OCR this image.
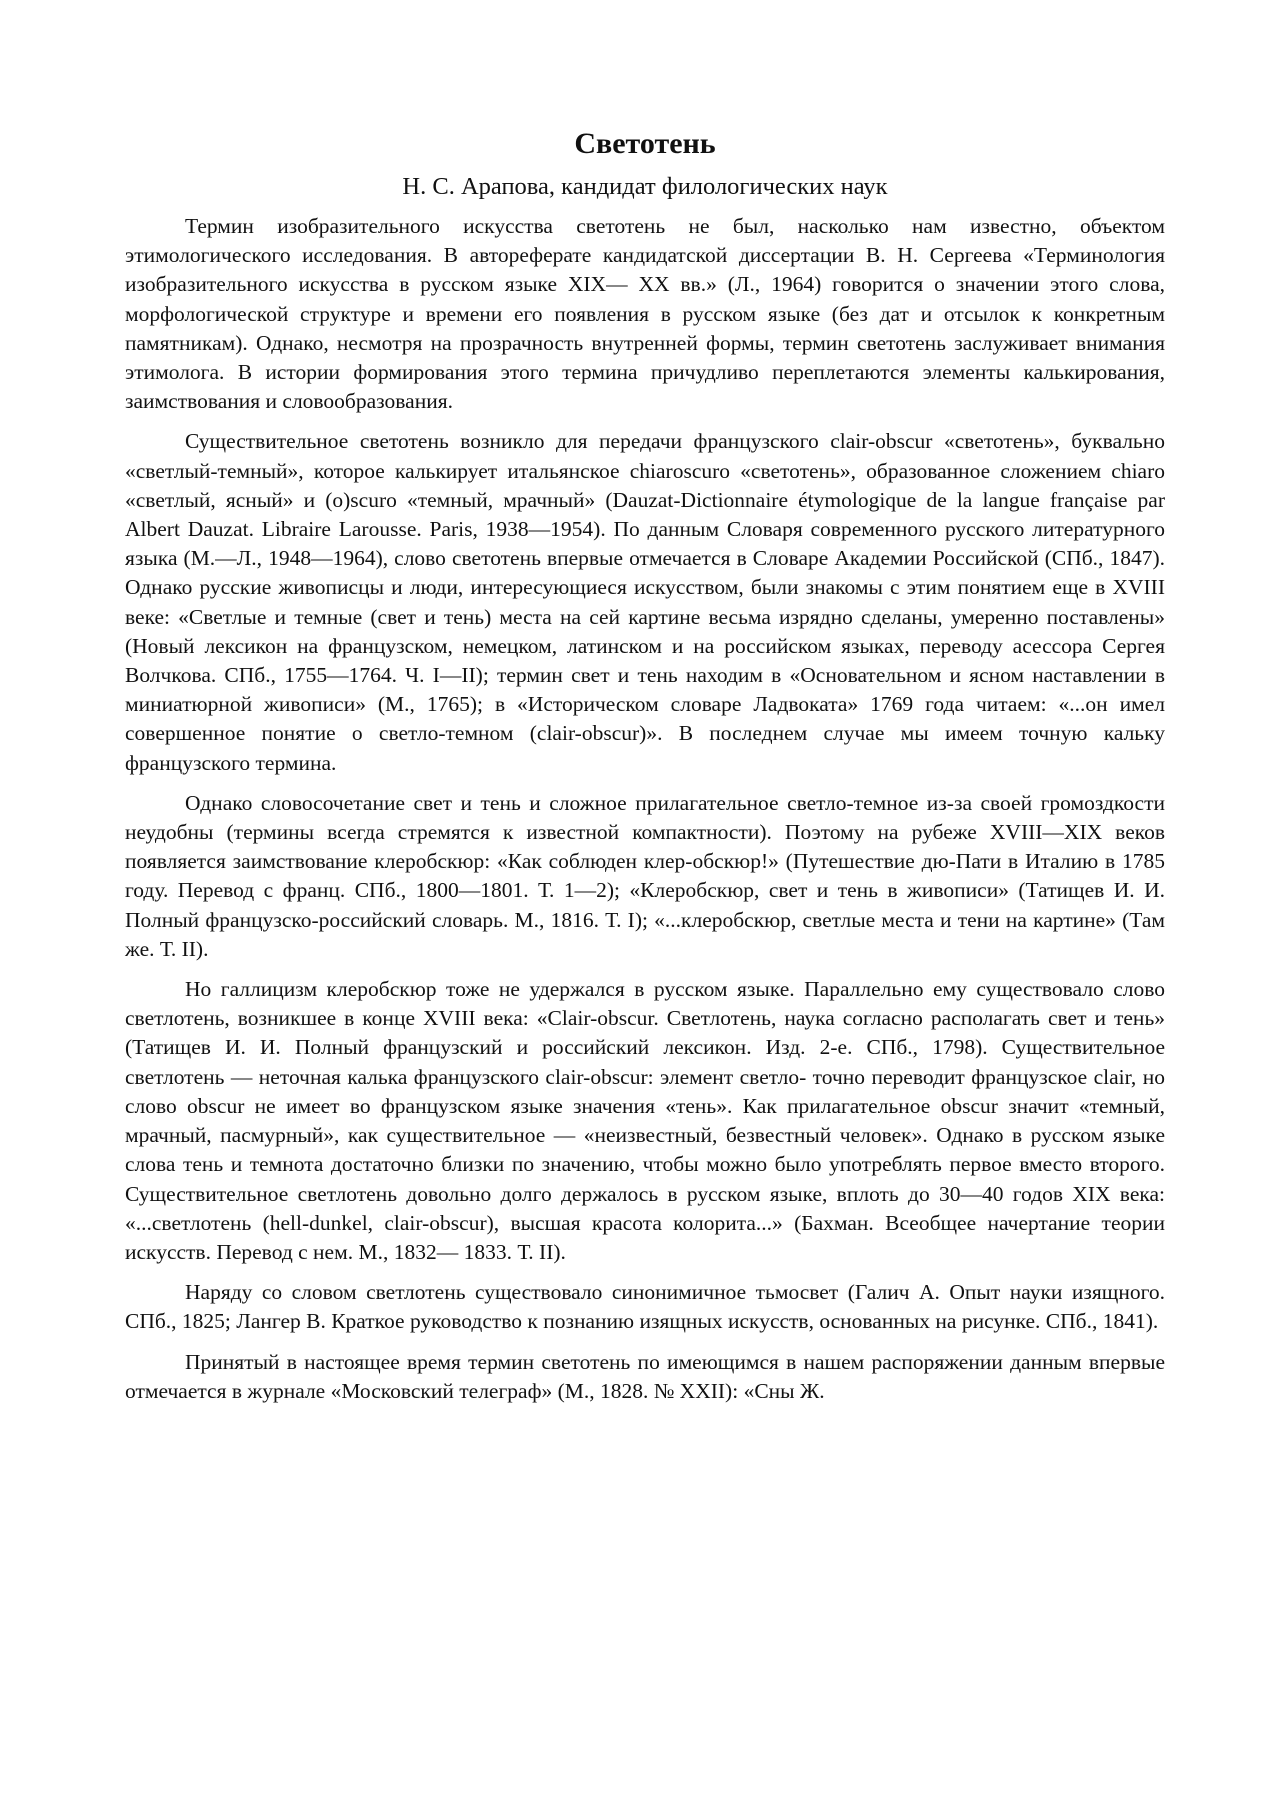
Светотень
Н. С. Арапова, кандидат филологических наук

Термин изобразительного искусства светотень не был, насколько нам известно, объектом этимологического исследования. В автореферате кандидатской диссертации В. Н. Сергеева «Терминология изобразительного искусства в русском языке XIX— XX вв.» (Л., 1964) говорится о значении этого слова, морфологической структуре и времени его появления в русском языке (без дат и отсылок к конкретным памятникам). Однако, несмотря на прозрачность внутренней формы, термин светотень заслуживает внимания этимолога. В истории формирования этого термина причудливо переплетаются элементы калькирования, заимствования и словообразования.

Существительное светотень возникло для передачи французского clair-obscur «светотень», буквально «светлый-темный», которое калькирует итальянское chiaroscuro «светотень», образованное сложением chiaro «светлый, ясный» и (o)scuro «темный, мрачный» (Dauzat-Dictionnaire étymologique de la langue française par Albert Dauzat. Libraire Larousse. Paris, 1938—1954). По данным Словаря современного русского литературного языка (М.—Л., 1948—1964), слово светотень впервые отмечается в Словаре Академии Российской (СПб., 1847). Однако русские живописцы и люди, интересующиеся искусством, были знакомы с этим понятием еще в XVIII веке: «Светлые и темные (свет и тень) места на сей картине весьма изрядно сделаны, умеренно поставлены» (Новый лексикон на французском, немецком, латинском и на российском языках, переводу асессора Сергея Волчкова. СПб., 1755—1764. Ч. I—II); термин свет и тень находим в «Основательном и ясном наставлении в миниатюрной живописи» (М., 1765); в «Историческом словаре Ладвоката» 1769 года читаем: «...он имел совершенное понятие о светло-темном (clair-obscur)». В последнем случае мы имеем точную кальку французского термина.

Однако словосочетание свет и тень и сложное прилагательное светло-темное из-за своей громоздкости неудобны (термины всегда стремятся к известной компактности). Поэтому на рубеже XVIII—XIX веков появляется заимствование клеробскюр: «Как соблюден клер-обскюр!» (Путешествие дю-Пати в Италию в 1785 году. Перевод с франц. СПб., 1800—1801. Т. 1—2); «Клеробскюр, свет и тень в живописи» (Татищев И. И. Полный французско-российский словарь. М., 1816. Т. I); «...клеробскюр, светлые места и тени на картине» (Там же. Т. II).

Но галлицизм клеробскюр тоже не удержался в русском языке. Параллельно ему существовало слово светлотень, возникшее в конце XVIII века: «Clair-obscur. Светлотень, наука согласно располагать свет и тень» (Татищев И. И. Полный французский и российский лексикон. Изд. 2-е. СПб., 1798). Существительное светлотень — неточная калька французского clair-obscur: элемент светло- точно переводит французское clair, но слово obscur не имеет во французском языке значения «тень». Как прилагательное obscur значит «темный, мрачный, пасмурный», как существительное — «неизвестный, безвестный человек». Однако в русском языке слова тень и темнота достаточно близки по значению, чтобы можно было употреблять первое вместо второго. Существительное светлотень довольно долго держалось в русском языке, вплоть до 30—40 годов XIX века: «...светлотень (hell-dunkel, clair-obscur), высшая красота колорита...» (Бахман. Всеобщее начертание теории искусств. Перевод с нем. М., 1832— 1833. Т. II).

Наряду со словом светлотень существовало синонимичное тьмосвет (Галич А. Опыт науки изящного. СПб., 1825; Лангер В. Краткое руководство к познанию изящных искусств, основанных на рисунке. СПб., 1841).

Принятый в настоящее время термин светотень по имеющимся в нашем распоряжении данным впервые отмечается в журнале «Московский телеграф» (М., 1828. № XXII): «Сны Ж.
